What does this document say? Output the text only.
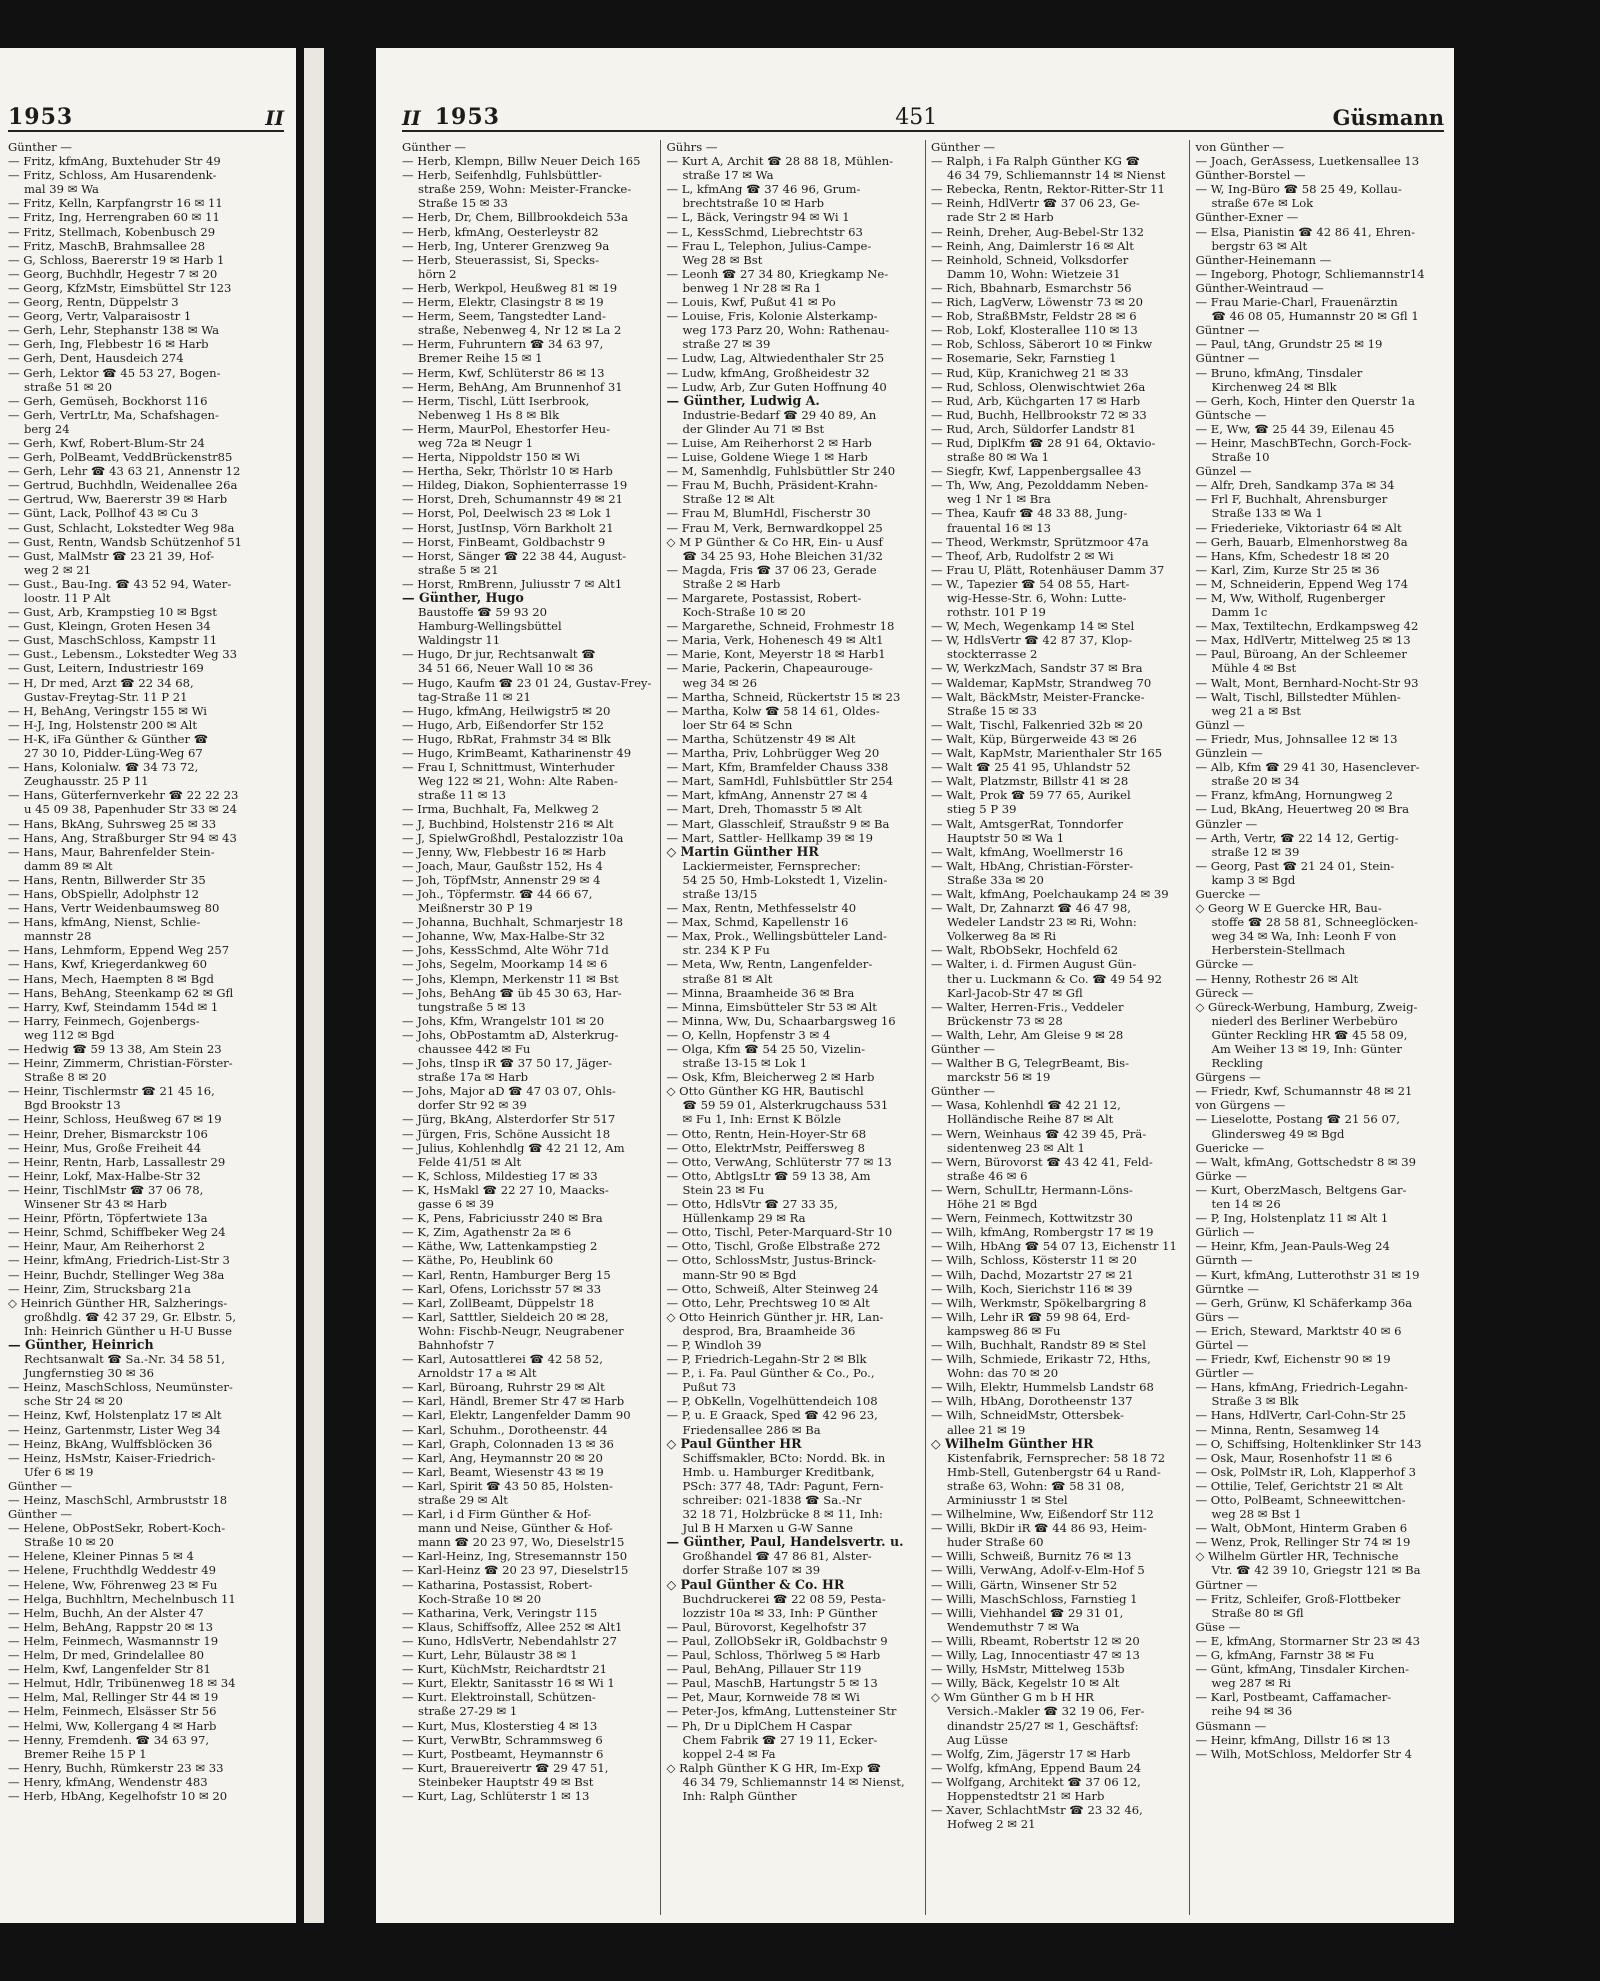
1953	II
Günther —
— Fritz, kfmAng, Buxtehuder Str 49
— Fritz, Schloss, Am Husarendenk-
mal 39 ✉ Wa
— Fritz, Kelln, Karpfangrstr 16 ✉ 11
— Fritz, Ing, Herrengraben 60 ✉ 11
— Fritz, Stellmach, Kobenbusch 29
— Fritz, MaschB, Brahmsallee 28
— G, Schloss, Baererstr 19 ✉ Harb 1
— Georg, Buchhdlr, Hegestr 7 ✉ 20
— Georg, KfzMstr, Eimsbüttel Str 123
— Georg, Rentn, Düppelstr 3
— Georg, Vertr, Valparaisostr 1
— Gerh, Lehr, Stephanstr 138 ✉ Wa
— Gerh, Ing, Flebbestr 16 ✉ Harb
— Gerh, Dent, Hausdeich 274
— Gerh, Lektor ☎ 45 53 27, Bogen-
straße 51 ✉ 20
— Gerh, Gemüseh, Bockhorst 116
— Gerh, VertrLtr, Ma, Schafshagen-
berg 24
— Gerh, Kwf, Robert-Blum-Str 24
— Gerh, PolBeamt, VeddBrückenstr85
— Gerh, Lehr ☎ 43 63 21, Annenstr 12
— Gertrud, Buchhdln, Weidenallee 26a
— Gertrud, Ww, Baererstr 39 ✉ Harb
— Günt, Lack, Pollhof 43 ✉ Cu 3
— Gust, Schlacht, Lokstedter Weg 98a
— Gust, Rentn, Wandsb Schützenhof 51
— Gust, MalMstr ☎ 23 21 39, Hof-
weg 2 ✉ 21
— Gust., Bau-Ing. ☎ 43 52 94, Water-
loostr. 11 P Alt
— Gust, Arb, Krampstieg 10 ✉ Bgst
— Gust, Kleingn, Groten Hesen 34
— Gust, MaschSchloss, Kampstr 11
— Gust., Lebensm., Lokstedter Weg 33
— Gust, Leitern, Industriestr 169
— H, Dr med, Arzt ☎ 22 34 68,
Gustav-Freytag-Str. 11 P 21
— H, BehAng, Veringstr 155 ✉ Wi
— H-J, Ing, Holstenstr 200 ✉ Alt
— H-K, iFa Günther & Günther ☎
27 30 10, Pidder-Lüng-Weg 67
— Hans, Kolonialw. ☎ 34 73 72,
Zeughausstr. 25 P 11
— Hans, Güterfernverkehr ☎ 22 22 23
u 45 09 38, Papenhuder Str 33 ✉ 24
— Hans, BkAng, Suhrsweg 25 ✉ 33
— Hans, Ang, Straßburger Str 94 ✉ 43
— Hans, Maur, Bahrenfelder Stein-
damm 89 ✉ Alt
— Hans, Rentn, Billwerder Str 35
— Hans, ObSpiellr, Adolphstr 12
— Hans, Vertr Weidenbaumsweg 80
— Hans, kfmAng, Nienst, Schlie-
mannstr 28
— Hans, Lehmform, Eppend Weg 257
— Hans, Kwf, Kriegerdankweg 60
— Hans, Mech, Haempten 8 ✉ Bgd
— Hans, BehAng, Steenkamp 62 ✉ Gfl
— Harry, Kwf, Steindamm 154d ✉ 1
— Harry, Feinmech, Gojenbergs-
weg 112 ✉ Bgd
— Hedwig ☎ 59 13 38, Am Stein 23
— Heinr, Zimmerm, Christian-Förster-
Straße 8 ✉ 20
— Heinr, Tischlermstr ☎ 21 45 16,
Bgd Brookstr 13
— Heinr, Schloss, Heußweg 67 ✉ 19
— Heinr, Dreher, Bismarckstr 106
— Heinr, Mus, Große Freiheit 44
— Heinr, Rentn, Harb, Lassallestr 29
— Heinr, Lokf, Max-Halbe-Str 32
— Heinr, TischlMstr ☎ 37 06 78,
Winsener Str 43 ✉ Harb
— Heinr, Pförtn, Töpfertwiete 13a
— Heinr, Schmd, Schiffbeker Weg 24
— Heinr, Maur, Am Reiherhorst 2
— Heinr, kfmAng, Friedrich-List-Str 3
— Heinr, Buchdr, Stellinger Weg 38a
— Heinr, Zim, Strucksbarg 21a
◇ Heinrich Günther HR, Salzherings-
großhdlg. ☎ 42 37 29, Gr. Elbstr. 5,
Inh: Heinrich Günther u H-U Busse
— Günther, Heinrich
Rechtsanwalt ☎ Sa.-Nr. 34 58 51,
Jungfernstieg 30 ✉ 36
— Heinz, MaschSchloss, Neumünster-
sche Str 24 ✉ 20
— Heinz, Kwf, Holstenplatz 17 ✉ Alt
— Heinz, Gartenmstr, Lister Weg 34
— Heinz, BkAng, Wulffsblöcken 36
— Heinz, HsMstr, Kaiser-Friedrich-
Ufer 6 ✉ 19
Günther —
— Heinz, MaschSchl, Armbruststr 18
Günther —
— Helene, ObPostSekr, Robert-Koch-
Straße 10 ✉ 20
— Helene, Kleiner Pinnas 5 ✉ 4
— Helene, Fruchthdlg Weddestr 49
— Helene, Ww, Föhrenweg 23 ✉ Fu
— Helga, Buchhltrn, Mechelnbusch 11
— Helm, Buchh, An der Alster 47
— Helm, BehAng, Rappstr 20 ✉ 13
— Helm, Feinmech, Wasmannstr 19
— Helm, Dr med, Grindelallee 80
— Helm, Kwf, Langenfelder Str 81
— Helmut, Hdlr, Tribünenweg 18 ✉ 34
— Helm, Mal, Rellinger Str 44 ✉ 19
— Helm, Feinmech, Elsässer Str 56
— Helmi, Ww, Kollergang 4 ✉ Harb
— Henny, Fremdenh. ☎ 34 63 97,
Bremer Reihe 15 P 1
— Henry, Buchh, Rümkerstr 23 ✉ 33
— Henry, kfmAng, Wendenstr 483
— Herb, HbAng, Kegelhofstr 10 ✉ 20
II 1953	451	Güsmann
Günther —
— Herb, Klempn, Billw Neuer Deich 165
— Herb, Seifenhdlg, Fuhlsbüttler-
straße 259, Wohn: Meister-Francke-
Straße 15 ✉ 33
— Herb, Dr, Chem, Billbrookdeich 53a
— Herb, kfmAng, Oesterleystr 82
— Herb, Ing, Unterer Grenzweg 9a
— Herb, Steuerassist, Si, Specks-
hörn 2
— Herb, Werkpol, Heußweg 81 ✉ 19
— Herm, Elektr, Clasingstr 8 ✉ 19
— Herm, Seem, Tangstedter Land-
straße, Nebenweg 4, Nr 12 ✉ La 2
— Herm, Fuhruntern ☎ 34 63 97,
Bremer Reihe 15 ✉ 1
— Herm, Kwf, Schlüterstr 86 ✉ 13
— Herm, BehAng, Am Brunnenhof 31
— Herm, Tischl, Lütt Iserbrook,
Nebenweg 1 Hs 8 ✉ Blk
— Herm, MaurPol, Ehestorfer Heu-
weg 72a ✉ Neugr 1
— Herta, Nippoldstr 150 ✉ Wi
— Hertha, Sekr, Thörlstr 10 ✉ Harb
— Hildeg, Diakon, Sophienterrasse 19
— Horst, Dreh, Schumannstr 49 ✉ 21
— Horst, Pol, Deelwisch 23 ✉ Lok 1
— Horst, JustInsp, Vörn Barkholt 21
— Horst, FinBeamt, Goldbachstr 9
— Horst, Sänger ☎ 22 38 44, August-
straße 5 ✉ 21
— Horst, RmBrenn, Juliusstr 7 ✉ Alt1
— Günther, Hugo
Baustoffe ☎ 59 93 20
Hamburg-Wellingsbüttel
Waldingstr 11
— Hugo, Dr jur, Rechtsanwalt ☎
34 51 66, Neuer Wall 10 ✉ 36
— Hugo, Kaufm ☎ 23 01 24, Gustav-Frey-
tag-Straße 11 ✉ 21
— Hugo, kfmAng, Heilwigstr5 ✉ 20
— Hugo, Arb, Eißendorfer Str 152
— Hugo, RbRat, Frahmstr 34 ✉ Blk
— Hugo, KrimBeamt, Katharinenstr 49
— Frau I, Schnittmust, Winterhuder
Weg 122 ✉ 21, Wohn: Alte Raben-
straße 11 ✉ 13
— Irma, Buchhalt, Fa, Melkweg 2
— J, Buchbind, Holstenstr 216 ✉ Alt
— J, SpielwGroßhdl, Pestalozzistr 10a
— Jenny, Ww, Flebbestr 16 ✉ Harb
— Joach, Maur, Gaußstr 152, Hs 4
— Joh, TöpfMstr, Annenstr 29 ✉ 4
— Joh., Töpfermstr. ☎ 44 66 67,
Meißnerstr 30 P 19
— Johanna, Buchhalt, Schmarjestr 18
— Johanne, Ww, Max-Halbe-Str 32
— Johs, KessSchmd, Alte Wöhr 71d
— Johs, Segelm, Moorkamp 14 ✉ 6
— Johs, Klempn, Merkenstr 11 ✉ Bst
— Johs, BehAng ☎ üb 45 30 63, Har-
tungstraße 5 ✉ 13
— Johs, Kfm, Wrangelstr 101 ✉ 20
— Johs, ObPostamtm aD, Alsterkrug-
chaussee 442 ✉ Fu
— Johs, tInsp iR ☎ 37 50 17, Jäger-
straße 17a ✉ Harb
— Johs, Major aD ☎ 47 03 07, Ohls-
dorfer Str 92 ✉ 39
— Jürg, BkAng, Alsterdorfer Str 517
— Jürgen, Fris, Schöne Aussicht 18
— Julius, Kohlenhdlg ☎ 42 21 12, Am
Felde 41/51 ✉ Alt
— K, Schloss, Mildestieg 17 ✉ 33
— K, HsMakl ☎ 22 27 10, Maacks-
gasse 6 ✉ 39
— K, Pens, Fabriciusstr 240 ✉ Bra
— K, Zim, Agathenstr 2a ✉ 6
— Käthe, Ww, Lattenkampstieg 2
— Käthe, Po, Heublink 60
— Karl, Rentn, Hamburger Berg 15
— Karl, Ofens, Lorichsstr 57 ✉ 33
— Karl, ZollBeamt, Düppelstr 18
— Karl, Satttler, Sieldeich 20 ✉ 28,
Wohn: Fischb-Neugr, Neugrabener
Bahnhofstr 7
— Karl, Autosattlerei ☎ 42 58 52,
Arnoldstr 17 a ✉ Alt
— Karl, Büroang, Ruhrstr 29 ✉ Alt
— Karl, Händl, Bremer Str 47 ✉ Harb
— Karl, Elektr, Langenfelder Damm 90
— Karl, Schuhm., Dorotheenstr. 44
— Karl, Graph, Colonnaden 13 ✉ 36
— Karl, Ang, Heymannstr 20 ✉ 20
— Karl, Beamt, Wiesenstr 43 ✉ 19
— Karl, Spirit ☎ 43 50 85, Holsten-
straße 29 ✉ Alt
— Karl, i d Firm Günther & Hof-
mann und Neise, Günther & Hof-
mann ☎ 20 23 97, Wo, Dieselstr15
— Karl-Heinz, Ing, Stresemannstr 150
— Karl-Heinz ☎ 20 23 97, Dieselstr15
— Katharina, Postassist, Robert-
Koch-Straße 10 ✉ 20
— Katharina, Verk, Veringstr 115
— Klaus, Schiffsoffz, Allee 252 ✉ Alt1
— Kuno, HdlsVertr, Nebendahlstr 27
— Kurt, Lehr, Bülaustr 38 ✉ 1
— Kurt, KüchMstr, Reichardtstr 21
— Kurt, Elektr, Sanitasstr 16 ✉ Wi 1
— Kurt. Elektroinstall, Schützen-
straße 27-29 ✉ 1
— Kurt, Mus, Klosterstieg 4 ✉ 13
— Kurt, VerwBtr, Schrammsweg 6
— Kurt, Postbeamt, Heymannstr 6
— Kurt, Brauereivertr ☎ 29 47 51,
Steinbeker Hauptstr 49 ✉ Bst
— Kurt, Lag, Schlüterstr 1 ✉ 13
Gührs —
— Kurt A, Archit ☎ 28 88 18, Mühlen-
straße 17 ✉ Wa
— L, kfmAng ☎ 37 46 96, Grum-
brechtstraße 10 ✉ Harb
— L, Bäck, Veringstr 94 ✉ Wi 1
— L, KessSchmd, Liebrechtstr 63
— Frau L, Telephon, Julius-Campe-
Weg 28 ✉ Bst
— Leonh ☎ 27 34 80, Kriegkamp Ne-
benweg 1 Nr 28 ✉ Ra 1
— Louis, Kwf, Pußut 41 ✉ Po
— Louise, Fris, Kolonie Alsterkamp-
weg 173 Parz 20, Wohn: Rathenau-
straße 27 ✉ 39
— Ludw, Lag, Altwiedenthaler Str 25
— Ludw, kfmAng, Großheidestr 32
— Ludw, Arb, Zur Guten Hoffnung 40
— Günther, Ludwig A.
Industrie-Bedarf ☎ 29 40 89, An
der Glinder Au 71 ✉ Bst
— Luise, Am Reiherhorst 2 ✉ Harb
— Luise, Goldene Wiege 1 ✉ Harb
— M, Samenhdlg, Fuhlsbüttler Str 240
— Frau M, Buchh, Präsident-Krahn-
Straße 12 ✉ Alt
— Frau M, BlumHdl, Fischerstr 30
— Frau M, Verk, Bernwardkoppel 25
◇ M P Günther & Co HR, Ein- u Ausf
☎ 34 25 93, Hohe Bleichen 31/32
— Magda, Fris ☎ 37 06 23, Gerade
Straße 2 ✉ Harb
— Margarete, Postassist, Robert-
Koch-Straße 10 ✉ 20
— Margarethe, Schneid, Frohmestr 18
— Maria, Verk, Hohenesch 49 ✉ Alt1
— Marie, Kont, Meyerstr 18 ✉ Harb1
— Marie, Packerin, Chapeaurouge-
weg 34 ✉ 26
— Martha, Schneid, Rückertstr 15 ✉ 23
— Martha, Kolw ☎ 58 14 61, Oldes-
loer Str 64 ✉ Schn
— Martha, Schützenstr 49 ✉ Alt
— Martha, Priv, Lohbrügger Weg 20
— Mart, Kfm, Bramfelder Chauss 338
— Mart, SamHdl, Fuhlsbüttler Str 254
— Mart, kfmAng, Annenstr 27 ✉ 4
— Mart, Dreh, Thomasstr 5 ✉ Alt
— Mart, Glasschleif, Straußstr 9 ✉ Ba
— Mart, Sattler- Hellkamp 39 ✉ 19
◇ Martin Günther HR
Lackiermeister, Fernsprecher:
54 25 50, Hmb-Lokstedt 1, Vizelin-
straße 13/15
— Max, Rentn, Methfesselstr 40
— Max, Schmd, Kapellenstr 16
— Max, Prok., Wellingsbütteler Land-
str. 234 K P Fu
— Meta, Ww, Rentn, Langenfelder-
straße 81 ✉ Alt
— Minna, Braamheide 36 ✉ Bra
— Minna, Eimsbütteler Str 53 ✉ Alt
— Minna, Ww, Du, Schaarbargsweg 16
— O, Kelln, Hopfenstr 3 ✉ 4
— Olga, Kfm ☎ 54 25 50, Vizelin-
straße 13-15 ✉ Lok 1
— Osk, Kfm, Bleicherweg 2 ✉ Harb
◇ Otto Günther KG HR, Bautischl
☎ 59 59 01, Alsterkrugchauss 531
✉ Fu 1, Inh: Ernst K Bölzle
— Otto, Rentn, Hein-Hoyer-Str 68
— Otto, ElektrMstr, Peiffersweg 8
— Otto, VerwAng, Schlüterstr 77 ✉ 13
— Otto, AbtlgsLtr ☎ 59 13 38, Am
Stein 23 ✉ Fu
— Otto, HdlsVtr ☎ 27 33 35,
Hüllenkamp 29 ✉ Ra
— Otto, Tischl, Peter-Marquard-Str 10
— Otto, Tischl, Große Elbstraße 272
— Otto, SchlossMstr, Justus-Brinck-
mann-Str 90 ✉ Bgd
— Otto, Schweiß, Alter Steinweg 24
— Otto, Lehr, Prechtsweg 10 ✉ Alt
◇ Otto Heinrich Günther jr. HR, Lan-
desprod, Bra, Braamheide 36
— P, Windloh 39
— P, Friedrich-Legahn-Str 2 ✉ Blk
— P., i. Fa. Paul Günther & Co., Po.,
Pußut 73
— P, ObKelln, Vogelhüttendeich 108
— P, u. E Graack, Sped ☎ 42 96 23,
Friedensallee 286 ✉ Ba
◇ Paul Günther HR
Schiffsmakler, BCto: Nordd. Bk. in
Hmb. u. Hamburger Kreditbank,
PSch: 377 48, TAdr: Pagunt, Fern-
schreiber: 021-1838 ☎ Sa.-Nr
32 18 71, Holzbrücke 8 ✉ 11, Inh:
Jul B H Marxen u G-W Sanne
— Günther, Paul, Handelsvertr. u.
Großhandel ☎ 47 86 81, Alster-
dorfer Straße 107 ✉ 39
◇ Paul Günther & Co. HR
Buchdruckerei ☎ 22 08 59, Pesta-
lozzistr 10a ✉ 33, Inh: P Günther
— Paul, Bürovorst, Kegelhofstr 37
— Paul, ZollObSekr iR, Goldbachstr 9
— Paul, Schloss, Thörlweg 5 ✉ Harb
— Paul, BehAng, Pillauer Str 119
— Paul, MaschB, Hartungstr 5 ✉ 13
— Pet, Maur, Kornweide 78 ✉ Wi
— Peter-Jos, kfmAng, Luttensteiner Str
— Ph, Dr u DiplChem H Caspar
Chem Fabrik ☎ 27 19 11, Ecker-
koppel 2-4 ✉ Fa
◇ Ralph Günther K G HR, Im-Exp ☎
46 34 79, Schliemannstr 14 ✉ Nienst,
Inh: Ralph Günther
Günther —
— Ralph, i Fa Ralph Günther KG ☎
46 34 79, Schliemannstr 14 ✉ Nienst
— Rebecka, Rentn, Rektor-Ritter-Str 11
— Reinh, HdlVertr ☎ 37 06 23, Ge-
rade Str 2 ✉ Harb
— Reinh, Dreher, Aug-Bebel-Str 132
— Reinh, Ang, Daimlerstr 16 ✉ Alt
— Reinhold, Schneid, Volksdorfer
Damm 10, Wohn: Wietzeie 31
— Rich, Bbahnarb, Esmarchstr 56
— Rich, LagVerw, Löwenstr 73 ✉ 20
— Rob, StraßBMstr, Feldstr 28 ✉ 6
— Rob, Lokf, Klosterallee 110 ✉ 13
— Rob, Schloss, Säberort 10 ✉ Finkw
— Rosemarie, Sekr, Farnstieg 1
— Rud, Küp, Kranichweg 21 ✉ 33
— Rud, Schloss, Olenwischtwiet 26a
— Rud, Arb, Küchgarten 17 ✉ Harb
— Rud, Buchh, Hellbrookstr 72 ✉ 33
— Rud, Arch, Süldorfer Landstr 81
— Rud, DiplKfm ☎ 28 91 64, Oktavio-
straße 80 ✉ Wa 1
— Siegfr, Kwf, Lappenbergsallee 43
— Th, Ww, Ang, Pezolddamm Neben-
weg 1 Nr 1 ✉ Bra
— Thea, Kaufr ☎ 48 33 88, Jung-
frauental 16 ✉ 13
— Theod, Werkmstr, Sprützmoor 47a
— Theof, Arb, Rudolfstr 2 ✉ Wi
— Frau U, Plätt, Rotenhäuser Damm 37
— W., Tapezier ☎ 54 08 55, Hart-
wig-Hesse-Str. 6, Wohn: Lutte-
rothstr. 101 P 19
— W, Mech, Wegenkamp 14 ✉ Stel
— W, HdlsVertr ☎ 42 87 37, Klop-
stockterrasse 2
— W, WerkzMach, Sandstr 37 ✉ Bra
— Waldemar, KapMstr, Strandweg 70
— Walt, BäckMstr, Meister-Francke-
Straße 15 ✉ 33
— Walt, Tischl, Falkenried 32b ✉ 20
— Walt, Küp, Bürgerweide 43 ✉ 26
— Walt, KapMstr, Marienthaler Str 165
— Walt ☎ 25 41 95, Uhlandstr 52
— Walt, Platzmstr, Billstr 41 ✉ 28
— Walt, Prok ☎ 59 77 65, Aurikel
stieg 5 P 39
— Walt, AmtsgerRat, Tonndorfer
Hauptstr 50 ✉ Wa 1
— Walt, kfmAng, Woellmerstr 16
— Walt, HbAng, Christian-Förster-
Straße 33a ✉ 20
— Walt, kfmAng, Poelchaukamp 24 ✉ 39
— Walt, Dr, Zahnarzt ☎ 46 47 98,
Wedeler Landstr 23 ✉ Ri, Wohn:
Volkerweg 8a ✉ Ri
— Walt, RbObSekr, Hochfeld 62
— Walter, i. d. Firmen August Gün-
ther u. Luckmann & Co. ☎ 49 54 92
Karl-Jacob-Str 47 ✉ Gfl
— Walter, Herren-Fris., Veddeler
Brückenstr 73 ✉ 28
— Walth, Lehr, Am Gleise 9 ✉ 28
Günther —
— Walther B G, TelegrBeamt, Bis-
marckstr 56 ✉ 19
Günther —
— Wasa, Kohlenhdl ☎ 42 21 12,
Holländische Reihe 87 ✉ Alt
— Wern, Weinhaus ☎ 42 39 45, Prä-
sidentenweg 23 ✉ Alt 1
— Wern, Bürovorst ☎ 43 42 41, Feld-
straße 46 ✉ 6
— Wern, SchulLtr, Hermann-Löns-
Höhe 21 ✉ Bgd
— Wern, Feinmech, Kottwitzstr 30
— Wilh, kfmAng, Rombergstr 17 ✉ 19
— Wilh, HbAng ☎ 54 07 13, Eichenstr 11
— Wilh, Schloss, Kösterstr 11 ✉ 20
— Wilh, Dachd, Mozartstr 27 ✉ 21
— Wilh, Koch, Sierichstr 116 ✉ 39
— Wilh, Werkmstr, Spökelbargring 8
— Wilh, Lehr iR ☎ 59 98 64, Erd-
kampsweg 86 ✉ Fu
— Wilh, Buchhalt, Randstr 89 ✉ Stel
— Wilh, Schmiede, Erikastr 72, Hths,
Wohn: das 70 ✉ 20
— Wilh, Elektr, Hummelsb Landstr 68
— Wilh, HbAng, Dorotheenstr 137
— Wilh, SchneidMstr, Ottersbek-
allee 21 ✉ 19
◇ Wilhelm Günther HR
Kistenfabrik, Fernsprecher: 58 18 72
Hmb-Stell, Gutenbergstr 64 u Rand-
straße 63, Wohn: ☎ 58 31 08,
Arminiusstr 1 ✉ Stel
— Wilhelmine, Ww, Eißendorf Str 112
— Willi, BkDir iR ☎ 44 86 93, Heim-
huder Straße 60
— Willi, Schweiß, Burnitz 76 ✉ 13
— Willi, VerwAng, Adolf-v-Elm-Hof 5
— Willi, Gärtn, Winsener Str 52
— Willi, MaschSchloss, Farnstieg 1
— Willi, Viehhandel ☎ 29 31 01,
Wendemuthstr 7 ✉ Wa
— Willi, Rbeamt, Robertstr 12 ✉ 20
— Willy, Lag, Innocentiastr 47 ✉ 13
— Willy, HsMstr, Mittelweg 153b
— Willy, Bäck, Kegelstr 10 ✉ Alt
◇ Wm Günther G m b H HR
Versich.-Makler ☎ 32 19 06, Fer-
dinandstr 25/27 ✉ 1, Geschäftsf:
Aug Lüsse
— Wolfg, Zim, Jägerstr 17 ✉ Harb
— Wolfg, kfmAng, Eppend Baum 24
— Wolfgang, Architekt ☎ 37 06 12,
Hoppenstedtstr 21 ✉ Harb
— Xaver, SchlachtMstr ☎ 23 32 46,
Hofweg 2 ✉ 21
von Günther —
— Joach, GerAssess, Luetkensallee 13
Günther-Borstel —
— W, Ing-Büro ☎ 58 25 49, Kollau-
straße 67e ✉ Lok
Günther-Exner —
— Elsa, Pianistin ☎ 42 86 41, Ehren-
bergstr 63 ✉ Alt
Günther-Heinemann —
— Ingeborg, Photogr, Schliemannstr14
Günther-Weintraud —
— Frau Marie-Charl, Frauenärztin
☎ 46 08 05, Humannstr 20 ✉ Gfl 1
Güntner —
— Paul, tAng, Grundstr 25 ✉ 19
Güntner —
— Bruno, kfmAng, Tinsdaler
Kirchenweg 24 ✉ Blk
— Gerh, Koch, Hinter den Querstr 1a
Güntsche —
— E, Ww, ☎ 25 44 39, Eilenau 45
— Heinr, MaschBTechn, Gorch-Fock-
Straße 10
Günzel —
— Alfr, Dreh, Sandkamp 37a ✉ 34
— Frl F, Buchhalt, Ahrensburger
Straße 133 ✉ Wa 1
— Friederieke, Viktoriastr 64 ✉ Alt
— Gerh, Bauarb, Elmenhorstweg 8a
— Hans, Kfm, Schedestr 18 ✉ 20
— Karl, Zim, Kurze Str 25 ✉ 36
— M, Schneiderin, Eppend Weg 174
— M, Ww, Witholf, Rugenberger
Damm 1c
— Max, Textiltechn, Erdkampsweg 42
— Max, HdlVertr, Mittelweg 25 ✉ 13
— Paul, Büroang, An der Schleemer
Mühle 4 ✉ Bst
— Walt, Mont, Bernhard-Nocht-Str 93
— Walt, Tischl, Billstedter Mühlen-
weg 21 a ✉ Bst
Günzl —
— Friedr, Mus, Johnsallee 12 ✉ 13
Günzlein —
— Alb, Kfm ☎ 29 41 30, Hasenclever-
straße 20 ✉ 34
— Franz, kfmAng, Hornungweg 2
— Lud, BkAng, Heuertweg 20 ✉ Bra
Günzler —
— Arth, Vertr, ☎ 22 14 12, Gertig-
straße 12 ✉ 39
— Georg, Past ☎ 21 24 01, Stein-
kamp 3 ✉ Bgd
Guercke —
◇ Georg W E Guercke HR, Bau-
stoffe ☎ 28 58 81, Schneeglöcken-
weg 34 ✉ Wa, Inh: Leonh F von
Herberstein-Stellmach
Gürcke —
— Henny, Rothestr 26 ✉ Alt
Güreck —
◇ Güreck-Werbung, Hamburg, Zweig-
niederl des Berliner Werbebüro
Günter Reckling HR ☎ 45 58 09,
Am Weiher 13 ✉ 19, Inh: Günter
Reckling
Gürgens —
— Friedr, Kwf, Schumannstr 48 ✉ 21
von Gürgens —
— Lieselotte, Postang ☎ 21 56 07,
Glindersweg 49 ✉ Bgd
Guericke —
— Walt, kfmAng, Gottschedstr 8 ✉ 39
Gürke —
— Kurt, OberzMasch, Beltgens Gar-
ten 14 ✉ 26
— P, Ing, Holstenplatz 11 ✉ Alt 1
Gürlich —
— Heinr, Kfm, Jean-Pauls-Weg 24
Gürnth —
— Kurt, kfmAng, Lutterothstr 31 ✉ 19
Gürntke —
— Gerh, Grünw, Kl Schäferkamp 36a
Gürs —
— Erich, Steward, Marktstr 40 ✉ 6
Gürtel —
— Friedr, Kwf, Eichenstr 90 ✉ 19
Gürtler —
— Hans, kfmAng, Friedrich-Legahn-
Straße 3 ✉ Blk
— Hans, HdlVertr, Carl-Cohn-Str 25
— Minna, Rentn, Sesamweg 14
— O, Schiffsing, Holtenklinker Str 143
— Osk, Maur, Rosenhofstr 11 ✉ 6
— Osk, PolMstr iR, Loh, Klapperhof 3
— Ottilie, Telef, Gerichtstr 21 ✉ Alt
— Otto, PolBeamt, Schneewittchen-
weg 28 ✉ Bst 1
— Walt, ObMont, Hinterm Graben 6
— Wenz, Prok, Rellinger Str 74 ✉ 19
◇ Wilhelm Gürtler HR, Technische
Vtr. ☎ 42 39 10, Griegstr 121 ✉ Ba
Gürtner —
— Fritz, Schleifer, Groß-Flottbeker
Straße 80 ✉ Gfl
Güse —
— E, kfmAng, Stormarner Str 23 ✉ 43
— G, kfmAng, Farnstr 38 ✉ Fu
— Günt, kfmAng, Tinsdaler Kirchen-
weg 287 ✉ Ri
— Karl, Postbeamt, Caffamacher-
reihe 94 ✉ 36
Güsmann —
— Heinr, kfmAng, Dillstr 16 ✉ 13
— Wilh, MotSchloss, Meldorfer Str 4
